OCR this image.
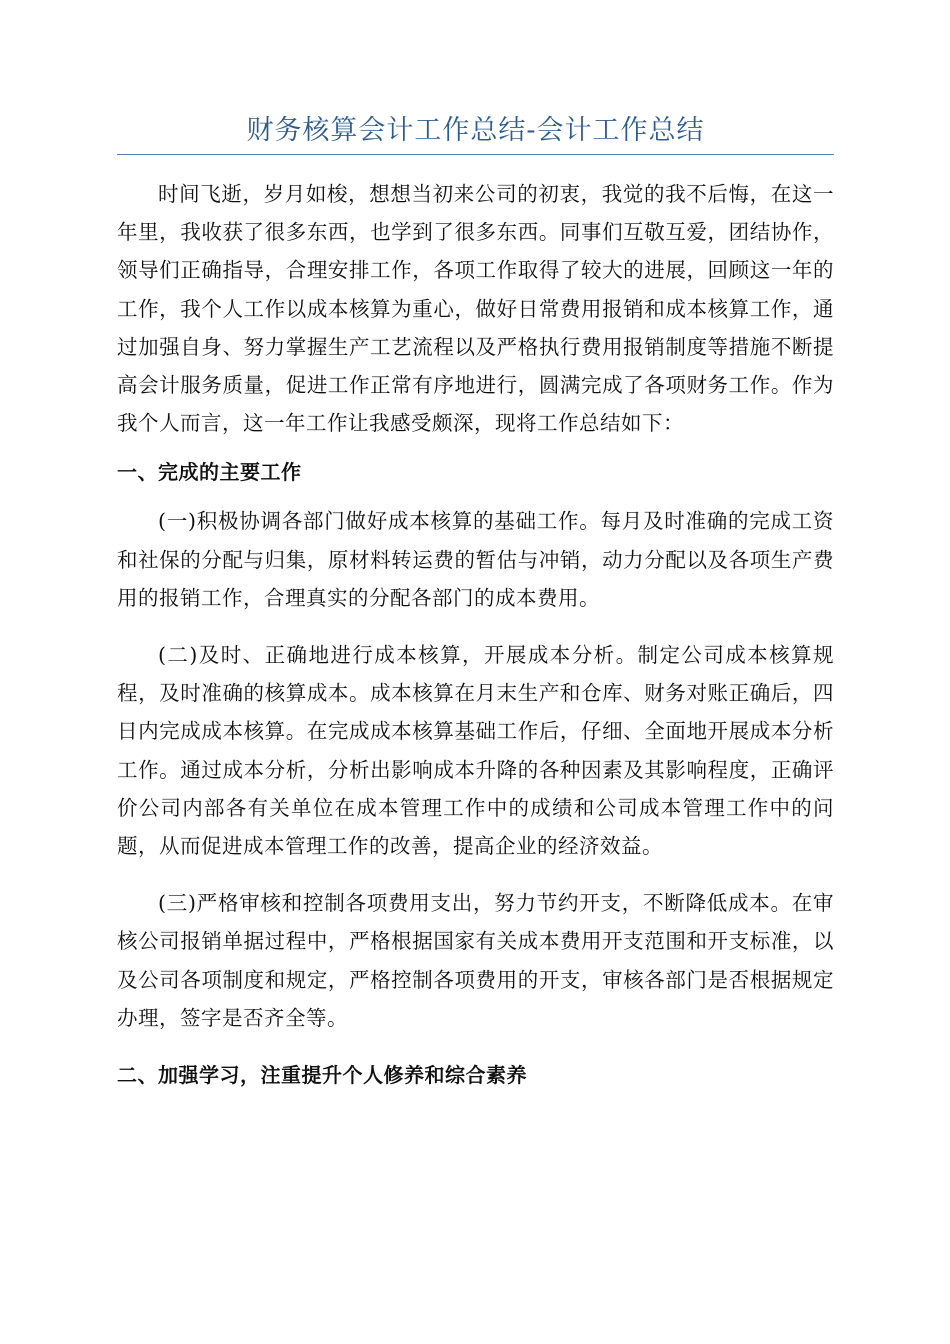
财务核算会计工作总结-会计工作总结

时间飞逝，岁月如梭，想想当初来公司的初衷，我觉的我不后悔，在这一年里，我收获了很多东西，也学到了很多东西。同事们互敬互爱，团结协作，领导们正确指导，合理安排工作，各项工作取得了较大的进展，回顾这一年的工作，我个人工作以成本核算为重心，做好日常费用报销和成本核算工作，通过加强自身、努力掌握生产工艺流程以及严格执行费用报销制度等措施不断提高会计服务质量，促进工作正常有序地进行，圆满完成了各项财务工作。作为我个人而言，这一年工作让我感受颇深，现将工作总结如下：

一、完成的主要工作

(一)积极协调各部门做好成本核算的基础工作。每月及时准确的完成工资和社保的分配与归集，原材料转运费的暂估与冲销，动力分配以及各项生产费用的报销工作，合理真实的分配各部门的成本费用。

(二)及时、正确地进行成本核算，开展成本分析。制定公司成本核算规程，及时准确的核算成本。成本核算在月末生产和仓库、财务对账正确后，四日内完成成本核算。在完成成本核算基础工作后，仔细、全面地开展成本分析工作。通过成本分析，分析出影响成本升降的各种因素及其影响程度，正确评价公司内部各有关单位在成本管理工作中的成绩和公司成本管理工作中的问题，从而促进成本管理工作的改善，提高企业的经济效益。

(三)严格审核和控制各项费用支出，努力节约开支，不断降低成本。在审核公司报销单据过程中，严格根据国家有关成本费用开支范围和开支标准，以及公司各项制度和规定，严格控制各项费用的开支，审核各部门是否根据规定办理，签字是否齐全等。

二、加强学习，注重提升个人修养和综合素养
